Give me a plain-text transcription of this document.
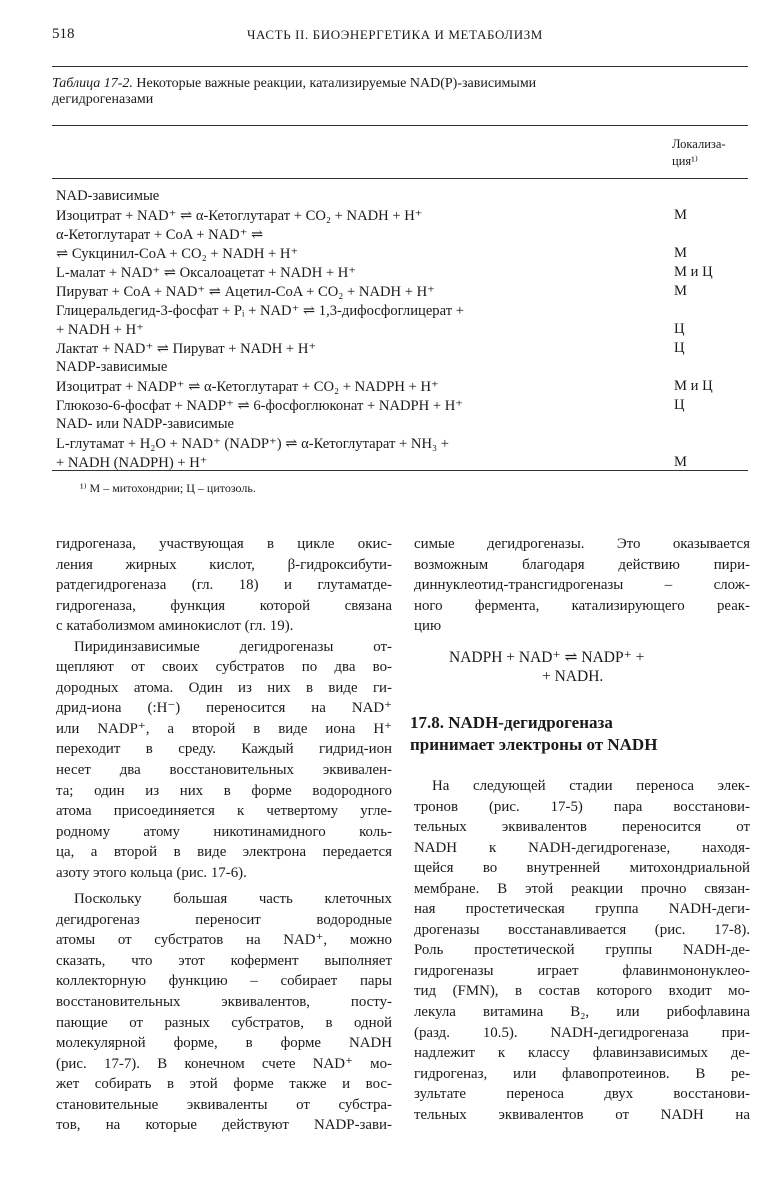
518	ЧАСТЬ II. БИОЭНЕРГЕТИКА И МЕТАБОЛИЗМ
Таблица 17-2. Некоторые важные реакции, катализируемые NAD(P)-зависимыми
дегидрогеназами
Локализа-
ция¹⁾
NAD-зависимые
Изоцитрат + NAD⁺ ⇌ α-Кетоглутарат + CO₂ + NADH + H⁺	М
α-Кетоглутарат + CoA + NAD⁺ ⇌
⇌ Сукцинил-CoA + CO₂ + NADH + H⁺	М
L-малат + NAD⁺ ⇌ Оксалоацетат + NADH + H⁺	М и Ц
Пируват + CoA + NAD⁺ ⇌ Ацетил-CoA + CO₂ + NADH + H⁺	М
Глицеральдегид-3-фосфат + Pᵢ + NAD⁺ ⇌ 1,3-дифосфоглицерат +
+ NADH + H⁺	Ц
Лактат + NAD⁺ ⇌ Пируват + NADH + H⁺	Ц
NADP-зависимые
Изоцитрат + NADP⁺ ⇌ α-Кетоглутарат + CO₂ + NADPH + H⁺	М и Ц
Глюкозо-6-фосфат + NADP⁺ ⇌ 6-фосфоглюконат + NADPH + H⁺	Ц
NAD- или NADP-зависимые
L-глутамат + H₂O + NAD⁺ (NADP⁺) ⇌ α-Кетоглутарат + NH₃ +
+ NADH (NADPH) + H⁺	М
¹⁾ М – митохондрии; Ц – цитозоль.
гидрогеназа, участвующая в цикле окис-
ления жирных кислот, β-гидроксибути-
ратдегидрогеназа (гл. 18) и глутаматде-
гидрогеназа, функция которой связана
с катаболизмом аминокислот (гл. 19).
Пиридинзависимые дегидрогеназы от-
щепляют от своих субстратов по два во-
дородных атома. Один из них в виде ги-
дрид-иона (:H⁻) переносится на NAD⁺
или NADP⁺, а второй в виде иона H⁺
переходит в среду. Каждый гидрид-ион
несет два восстановительных эквивален-
та; один из них в форме водородного
атома присоединяется к четвертому угле-
родному атому никотинамидного коль-
ца, а второй в виде электрона передается
азоту этого кольца (рис. 17-6).
Поскольку большая часть клеточных
дегидрогеназ переносит водородные
атомы от субстратов на NAD⁺, можно
сказать, что этот кофермент выполняет
коллекторную функцию – собирает пары
восстановительных эквивалентов, посту-
пающие от разных субстратов, в одной
молекулярной форме, в форме NADH
(рис. 17-7). В конечном счете NAD⁺ мо-
жет собирать в этой форме также и вос-
становительные эквиваленты от субстра-
тов, на которые действуют NADP-зави-
симые дегидрогеназы. Это оказывается
возможным благодаря действию пири-
диннуклеотид-трансгидрогеназы – слож-
ного фермента, катализирующего реак-
цию
NADPH + NAD⁺ ⇌ NADP⁺ +
+ NADH.
17.8. NADH-дегидрогеназа
принимает электроны от NADH
На следующей стадии переноса элек-
тронов (рис. 17-5) пара восстанови-
тельных эквивалентов переносится от
NADH к NADH-дегидрогеназе, находя-
щейся во внутренней митохондриальной
мембране. В этой реакции прочно связан-
ная простетическая группа NADH-деги-
дрогеназы восстанавливается (рис. 17-8).
Роль простетической группы NADH-де-
гидрогеназы играет флавинмононуклео-
тид (FMN), в состав которого входит мо-
лекула витамина B₂, или рибофлавина
(разд. 10.5). NADH-дегидрогеназа при-
надлежит к классу флавинзависимых де-
гидрогеназ, или флавопротеинов. В ре-
зультате переноса двух восстанови-
тельных эквивалентов от NADH на
